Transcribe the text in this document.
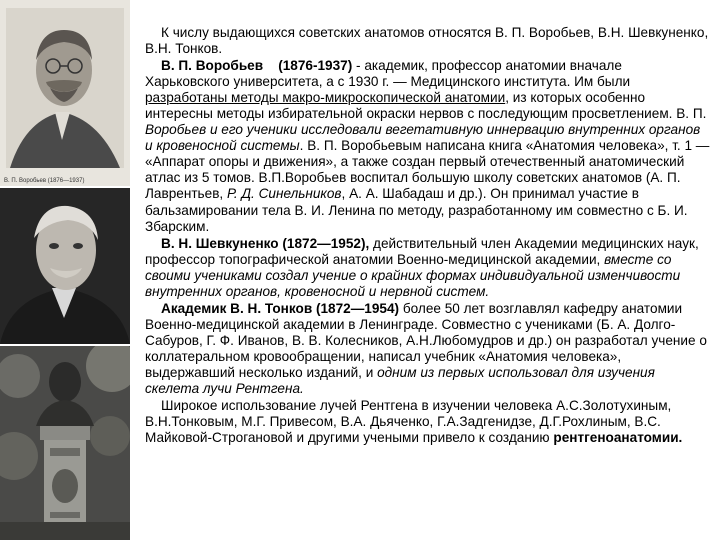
В. П. Воробьев (1876—1937)

К числу выдающихся советских анатомов относятся В. П. Воробьев, В.Н. Шевкуненко, В.Н. Тонков.

В. П. Воробьев (1876-1937) - академик, профессор анатомии вначале Харьковского университета, а с 1930 г. — Медицинского института. Им были разработаны методы макро-микроскопической анатомии, из которых особенно интересны методы избирательной окраски нервов с последующим просветлением. В. П. Воробьев и его ученики исследовали вегетативную иннервацию внутренних органов и кровеносной системы. В. П. Воробьевым написана книга «Анатомия человека», т. 1 — «Аппарат опоры и движения», а также создан первый отечественный анатомический атлас из 5 томов. В.П.Воробьев воспитал большую школу советских анатомов (А. П. Лаврентьев, Р. Д. Синельников, А. А. Шабадаш и др.). Он принимал участие в бальзамировании тела В. И. Ленина по методу, разработанному им совместно с Б. И. Збарским.

В. Н. Шевкуненко (1872—1952), действительный член Академии медицинских наук, профессор топографической анатомии Военно-медицинской академии, вместе со своими учениками создал учение о крайних формах индивидуальной изменчивости внутренних органов, кровеносной и нервной систем.

Академик В. Н. Тонков (1872—1954) более 50 лет возглавлял кафедру анатомии Военно-медицинской академии в Ленинграде. Совместно с учениками (Б. А. Долго-Сабуров, Г. Ф. Иванов, В. В. Колесников, А.Н.Любомудров и др.) он разработал учение о коллатеральном кровообращении, написал учебник «Анатомия человека», выдержавший несколько изданий, и одним из первых использовал для изучения скелета лучи Рентгена.

Широкое использование лучей Рентгена в изучении человека А.С.Золотухиным, В.Н.Тонковым, М.Г. Привесом, В.А. Дьяченко, Г.А.Задгенидзе, Д.Г.Рохлиным, В.С. Майковой-Строгановой и другими учеными привело к созданию рентгеноанатомии.
